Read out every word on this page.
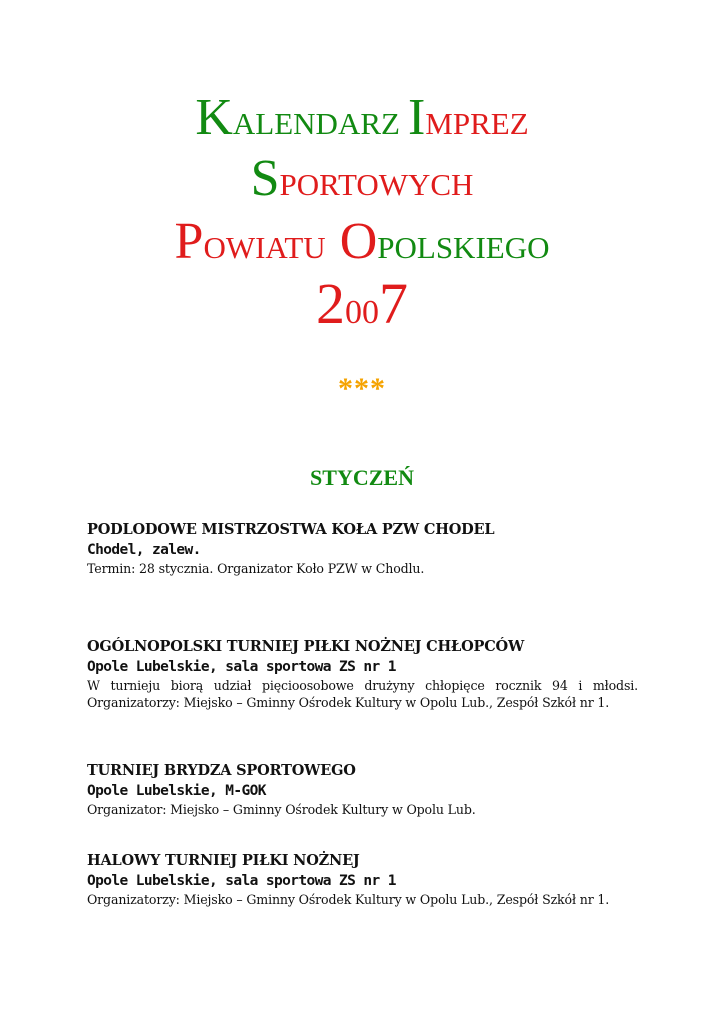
KALENDARZ IMPREZ
SPORTOWYCH
POWIATU OPOLSKIEGO
2007
***
STYCZEŃ
PODLODOWE MISTRZOSTWA KOŁA PZW CHODEL
Chodel, zalew.
Termin: 28 stycznia. Organizator Koło PZW w Chodlu.
OGÓLNOPOLSKI TURNIEJ PIŁKI NOŻNEJ CHŁOPCÓW
Opole Lubelskie, sala sportowa ZS nr 1
W turnieju biorą udział pięcioosobowe drużyny chłopięce rocznik 94 i młodsi. Organizatorzy: Miejsko – Gminny Ośrodek Kultury w Opolu Lub., Zespół Szkół nr 1.
TURNIEJ BRYDZA SPORTOWEGO
Opole Lubelskie, M-GOK
Organizator: Miejsko – Gminny Ośrodek Kultury w Opolu Lub.
HALOWY TURNIEJ PIŁKI NOŻNEJ
Opole Lubelskie, sala sportowa ZS nr 1
Organizatorzy: Miejsko – Gminny Ośrodek Kultury w Opolu Lub., Zespół Szkół nr 1.
